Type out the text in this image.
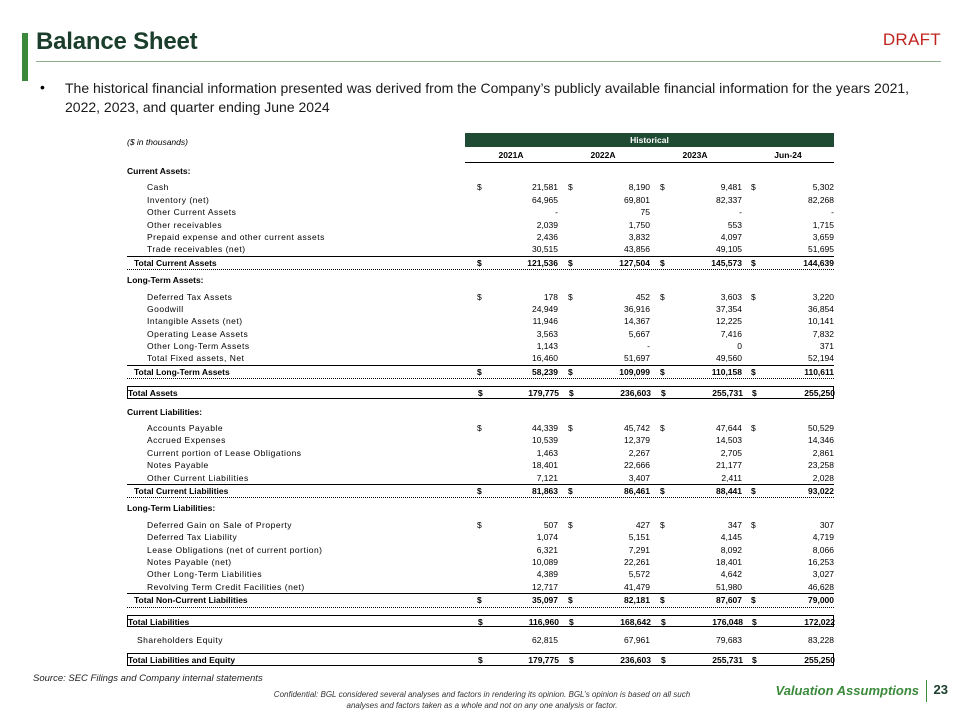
Balance Sheet	DRAFT
• The historical financial information presented was derived from the Company’s publicly available financial information for the years 2021, 2022, 2023, and quarter ending June 2024
($ in thousands)	Historical
2021A	2022A	2023A	Jun-24
Current Assets:
Cash	$	21,581 $	8,190 $	9,481 $	5,302
Inventory (net)	64,965	69,801	82,337	82,268
Other Current Assets	-	75	-	-
Other receivables	2,039	1,750	553	1,715
Prepaid expense and other current assets	2,436	3,832	4,097	3,659
Trade receivables (net)	30,515	43,856	49,105	51,695
Total Current Assets	$	121,536 $	127,504 $	145,573 $	144,639
Long-Term Assets:
Deferred Tax Assets	$	178 $	452 $	3,603 $	3,220
Goodwill	24,949	36,916	37,354	36,854
Intangible Assets (net)	11,946	14,367	12,225	10,141
Operating Lease Assets	3,563	5,667	7,416	7,832
Other Long-Term Assets	1,143	-	0	371
Total Fixed assets, Net	16,460	51,697	49,560	52,194
Total Long-Term Assets	$	58,239 $	109,099 $	110,158 $	110,611
Total Assets	$	179,775 $	236,603 $	255,731 $	255,250
Current Liabilities:
Accounts Payable	$	44,339 $	45,742 $	47,644 $	50,529
Accrued Expenses	10,539	12,379	14,503	14,346
Current portion of Lease Obligations	1,463	2,267	2,705	2,861
Notes Payable	18,401	22,666	21,177	23,258
Other Current Liabilities	7,121	3,407	2,411	2,028
Total Current Liabilities	$	81,863 $	86,461 $	88,441 $	93,022
Long-Term Liabilities:
Deferred Gain on Sale of Property	$	507 $	427 $	347 $	307
Deferred Tax Liability	1,074	5,151	4,145	4,719
Lease Obligations (net of current portion)	6,321	7,291	8,092	8,066
Notes Payable (net)	10,089	22,261	18,401	16,253
Other Long-Term Liabilities	4,389	5,572	4,642	3,027
Revolving Term Credit Facilities (net)	12,717	41,479	51,980	46,628
Total Non-Current Liabilities	$	35,097 $	82,181 $	87,607 $	79,000
Total Liabilities	$	116,960 $	168,642 $	176,048 $	172,022
Shareholders Equity	62,815	67,961	79,683	83,228
Total Liabilities and Equity	$	179,775 $	236,603 $	255,731 $	255,250
Source: SEC Filings and Company internal statements
Valuation Assumptions 23
Confidential: BGL considered several analyses and factors in rendering its opinion. BGL’s opinion is based on all such analyses and factors taken as a whole and not on any one analysis or factor.
